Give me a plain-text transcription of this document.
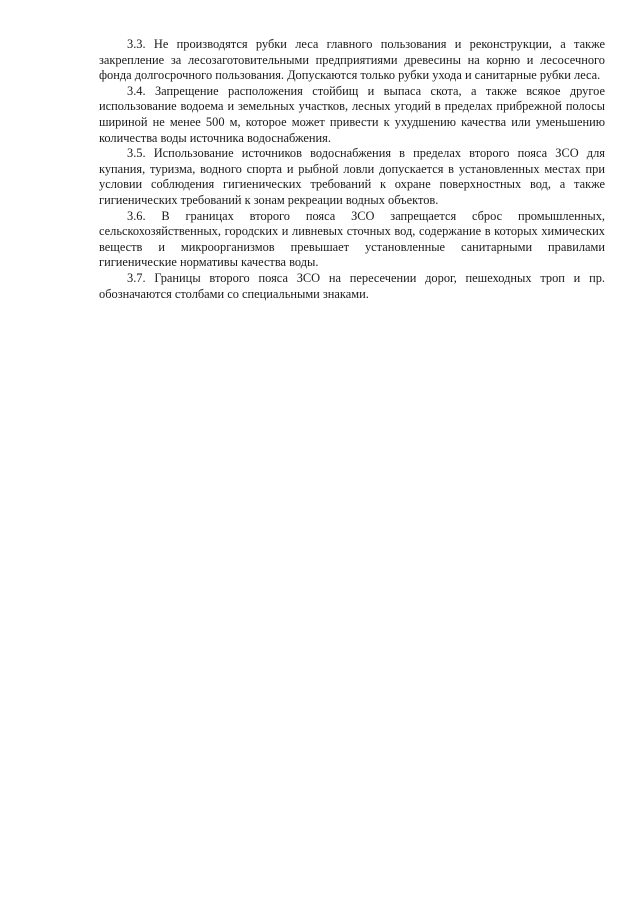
3.3. Не производятся рубки леса главного пользования и реконструкции, а также закрепление за лесозаготовительными предприятиями древесины на корню и лесосечного фонда долгосрочного пользования. Допускаются только рубки ухода и санитарные рубки леса.

3.4. Запрещение расположения стойбищ и выпаса скота, а также всякое другое использование водоема и земельных участков, лесных угодий в пределах прибрежной полосы шириной не менее 500 м, которое может привести к ухудшению качества или уменьшению количества воды источника водоснабжения.

3.5. Использование источников водоснабжения в пределах второго пояса ЗСО для купания, туризма, водного спорта и рыбной ловли допускается в установленных местах при условии соблюдения гигиенических требований к охране поверхностных вод, а также гигиенических требований к зонам рекреации водных объектов.

3.6. В границах второго пояса ЗСО запрещается сброс промышленных, сельскохозяйственных, городских и ливневых сточных вод, содержание в которых химических веществ и микроорганизмов превышает установленные санитарными правилами гигиенические нормативы качества воды.

3.7. Границы второго пояса ЗСО на пересечении дорог, пешеходных троп и пр. обозначаются столбами со специальными знаками.
